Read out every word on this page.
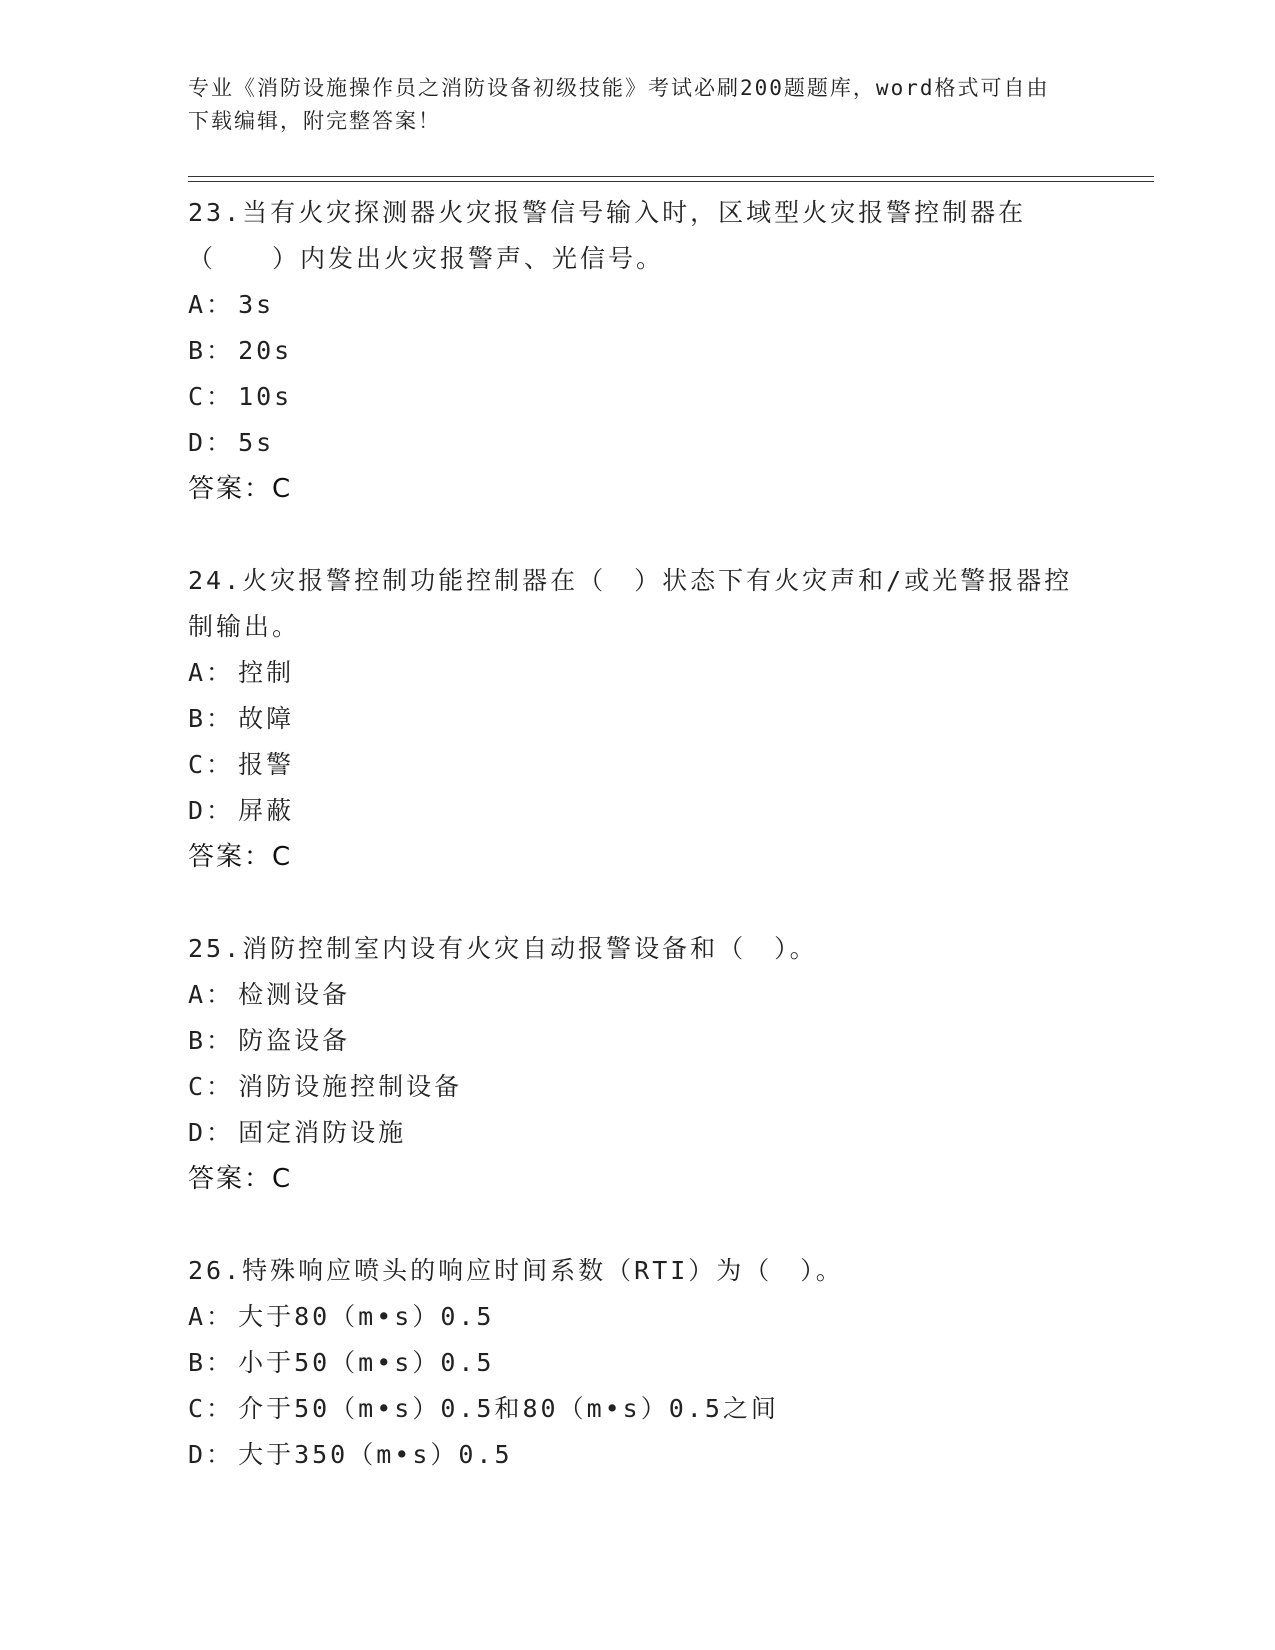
专业《消防设施操作员之消防设备初级技能》考试必刷200题题库，word格式可自由下载编辑，附完整答案！

23.当有火灾探测器火灾报警信号输入时，区域型火灾报警控制器在（　　）内发出火灾报警声、光信号。

A： 3s
B： 20s
C： 10s
D： 5s

答案：C

24.火灾报警控制功能控制器在（　）状态下有火灾声和/或光警报器控制输出。

A： 控制
B： 故障
C： 报警
D： 屏蔽

答案：C

25.消防控制室内设有火灾自动报警设备和（　）。

A： 检测设备
B： 防盗设备
C： 消防设施控制设备
D： 固定消防设施

答案：C

26.特殊响应喷头的响应时间系数（RTI）为（　）。

A： 大于80（m•s）0.5
B： 小于50（m•s）0.5
C： 介于50（m•s）0.5和80（m•s）0.5之间
D： 大于350（m•s）0.5
